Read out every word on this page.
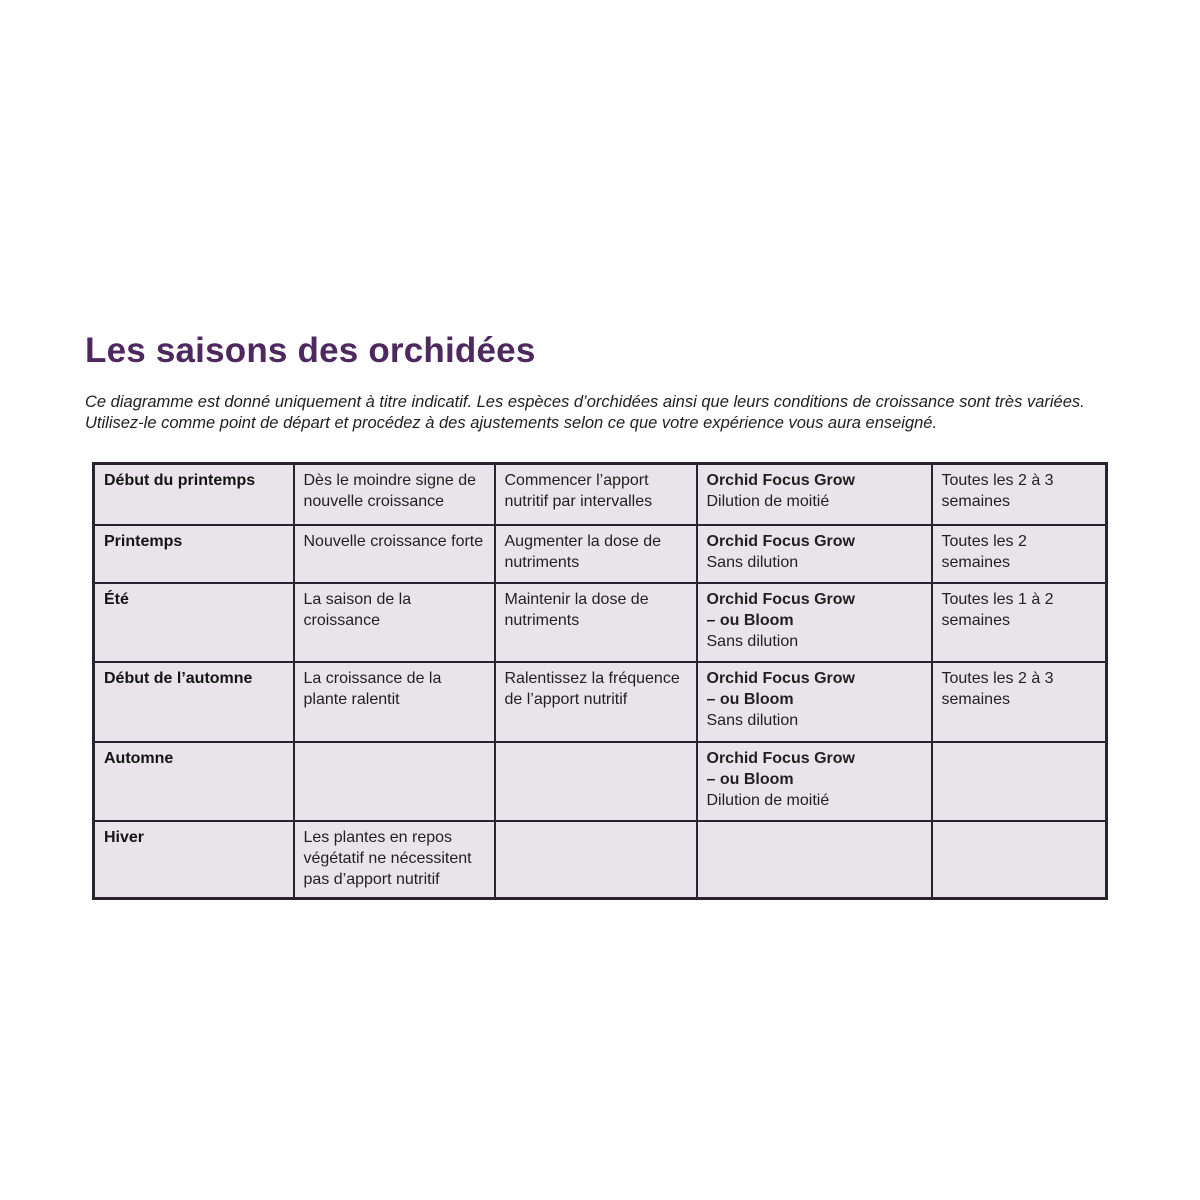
Les saisons des orchidées

Ce diagramme est donné uniquement à titre indicatif. Les espèces d’orchidées ainsi que leurs conditions de croissance sont très variées.
Utilisez-le comme point de départ et procédez à des ajustements selon ce que votre expérience vous aura enseigné.

Début du printemps	Dès le moindre signe de nouvelle croissance	Commencer l’apport nutritif par intervalles	Orchid Focus Grow
Dilution de moitié	Toutes les 2 à 3 semaines
Printemps	Nouvelle croissance forte	Augmenter la dose de nutriments	Orchid Focus Grow
Sans dilution	Toutes les 2 semaines
Été	La saison de la croissance	Maintenir la dose de nutriments	Orchid Focus Grow
– ou Bloom
Sans dilution	Toutes les 1 à 2 semaines
Début de l’automne	La croissance de la plante ralentit	Ralentissez la fréquence de l’apport nutritif	Orchid Focus Grow
– ou Bloom
Sans dilution	Toutes les 2 à 3 semaines
Automne			Orchid Focus Grow
– ou Bloom
Dilution de moitié	

Hiver	Les plantes en repos végétatif ne nécessitent pas d’apport nutritif		
